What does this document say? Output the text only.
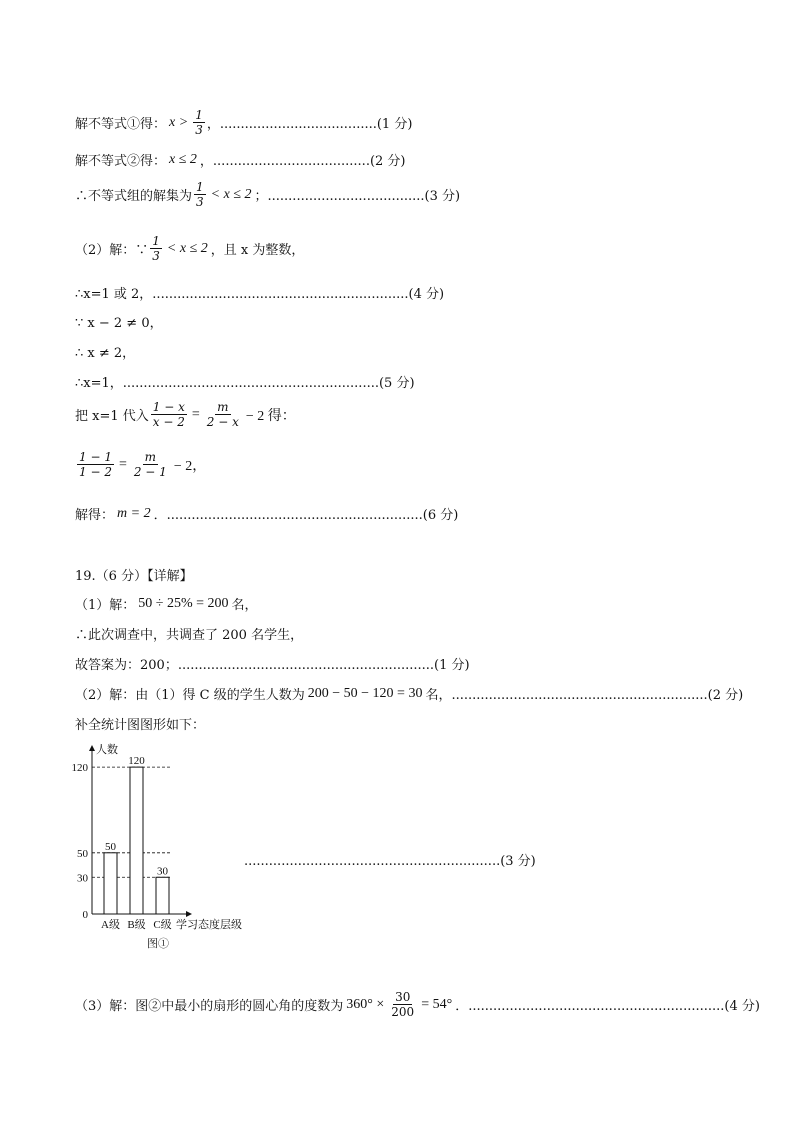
解不等式①得： $x > \frac{1}{3}$ ，......................................(1 分)
解不等式②得： x ≤ 2 ，......................................(2 分)
∴不等式组的解集为 $\frac{1}{3} < x \le 2$ ；......................................(3 分)
（2）解：∵ $\frac{1}{3} < x \le 2$ ，且 x 为整数，
∴x=1 或 2，..............................................................(4 分)
∵ x − 2 ≠ 0，
∴ x ≠ 2，
∴x=1，..............................................................(5 分)
把 x=1 代入 $\frac{1 - x}{x - 2} = \frac{m}{2 - x} - 2$ 得：
$\frac{1 - 1}{1 - 2} = \frac{m}{2 - 1} - 2$，
解得： m = 2 ．..............................................................(6 分)
19.（6 分）【详解】
（1）解： 50 ÷ 25% = 200 名，
∴此次调查中，共调查了 200 名学生，
故答案为：200；..............................................................(1 分)
（2）解：由（1）得 C 级的学生人数为 200 − 50 − 120 = 30 名，..............................................................(2 分)
补全统计图图形如下：
人数
0
30
50
120
50
A级
120
B级
30
C级 学习态度层级
图①
..............................................................(3 分)
（3）解：图②中最小的扇形的圆心角的度数为 $360^\circ \times \frac{30}{200} = 54^\circ$ ．..............................................................(4 分)
